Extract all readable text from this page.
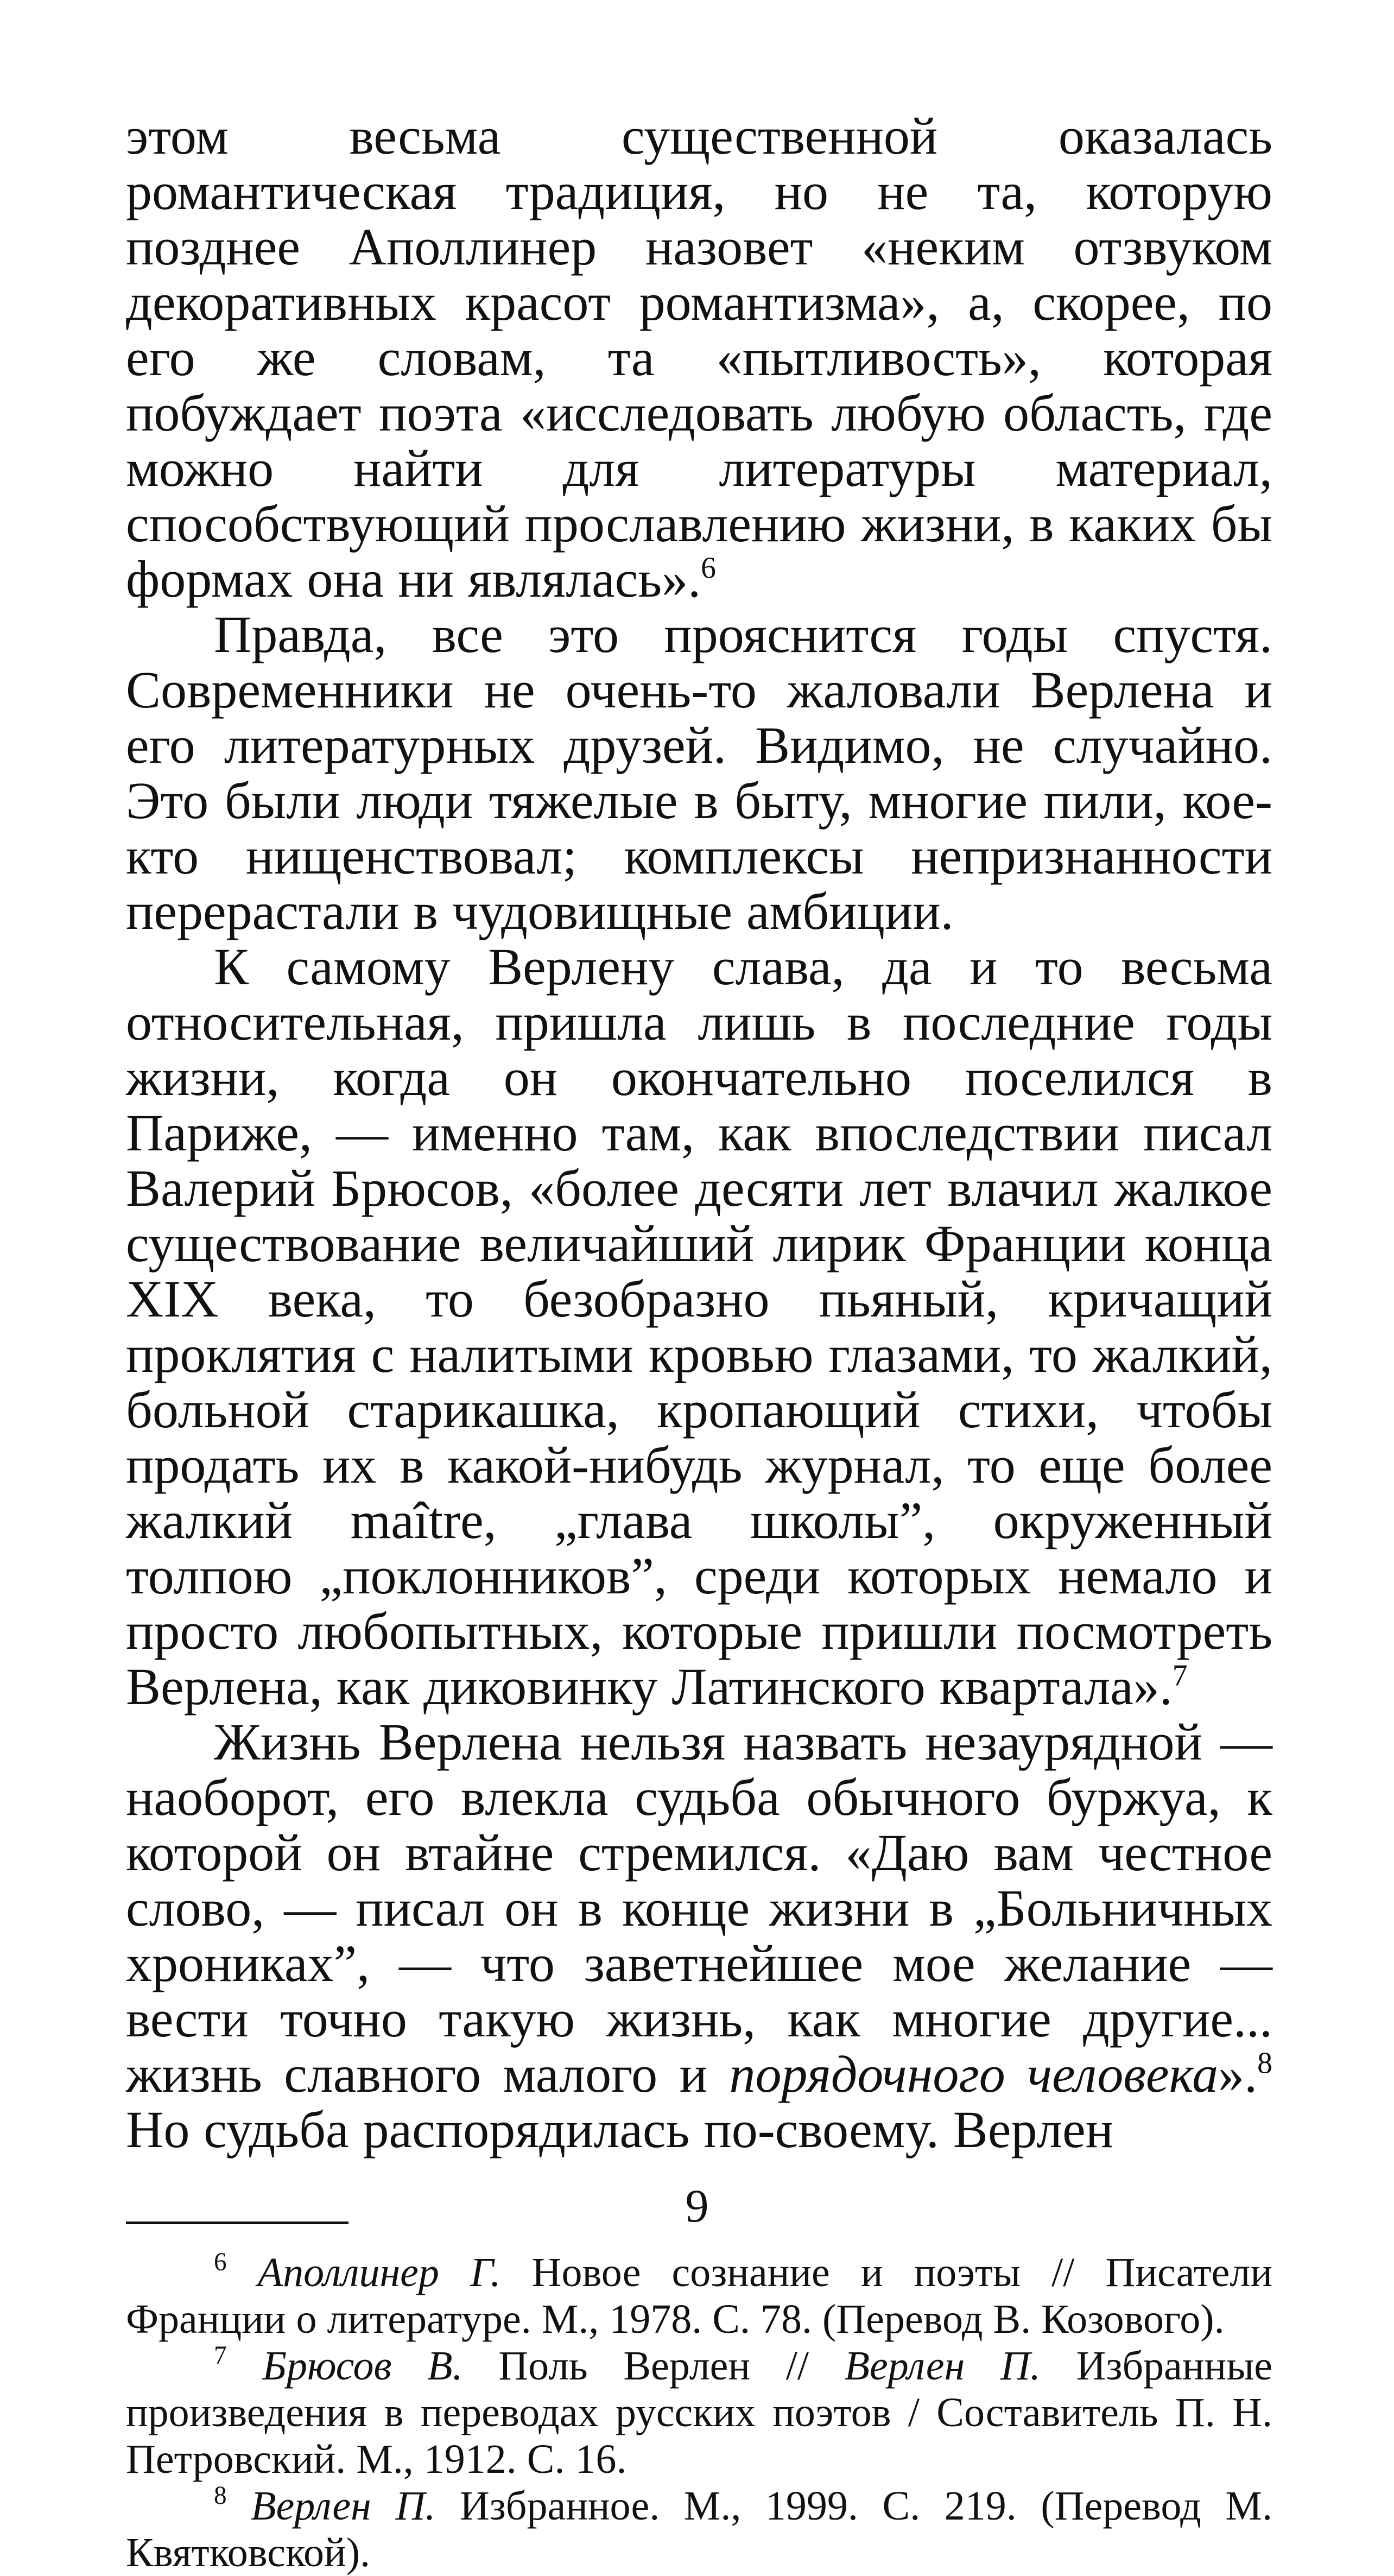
этом весьма существенной оказалась романтическая традиция, но не та, которую позднее Аполлинер назовет «неким отзвуком декоративных красот романтизма», а, скорее, по его же словам, та «пытливость», которая побуждает поэта «исследовать любую область, где можно найти для литературы материал, способствующий прославлению жизни, в каких бы формах она ни являлась».$^6$

Правда, все это прояснится годы спустя. Современники не очень-то жаловали Верлена и его литературных друзей. Видимо, не случайно. Это были люди тяжелые в быту, многие пили, кое-кто нищенствовал; комплексы непризнанности перерастали в чудовищные амбиции.

К самому Верлену слава, да и то весьма относительная, пришла лишь в последние годы жизни, когда он окончательно поселился в Париже, — именно там, как впоследствии писал Валерий Брюсов, «более десяти лет влачил жалкое существование величайший лирик Франции конца XIX века, то безобразно пьяный, кричащий проклятия с налитыми кровью глазами, то жалкий, больной старикашка, кропающий стихи, чтобы продать их в какой-нибудь журнал, то еще более жалкий maître, „глава школы”, окруженный толпою „поклонников”, среди которых немало и просто любопытных, которые пришли посмотреть Верлена, как диковинку Латинского квартала».$^7$

Жизнь Верлена нельзя назвать незаурядной — наоборот, его влекла судьба обычного буржуа, к которой он втайне стремился. «Даю вам честное слово, — писал он в конце жизни в „Больничных хрониках”, — что заветнейшее мое желание — вести точно такую жизнь, как многие другие... жизнь славного малого и порядочного человека».$^8$ Но судьба распорядилась по-своему. Верлен

$^6$ Аполлинер Г. Новое сознание и поэты // Писатели Франции о литературе. М., 1978. С. 78. (Перевод В. Козового).

$^7$ Брюсов В. Поль Верлен // Верлен П. Избранные произведения в переводах русских поэтов / Составитель П. Н. Петровский. М., 1912. С. 16.

$^8$ Верлен П. Избранное. М., 1999. С. 219. (Перевод М. Квятковской).

9
